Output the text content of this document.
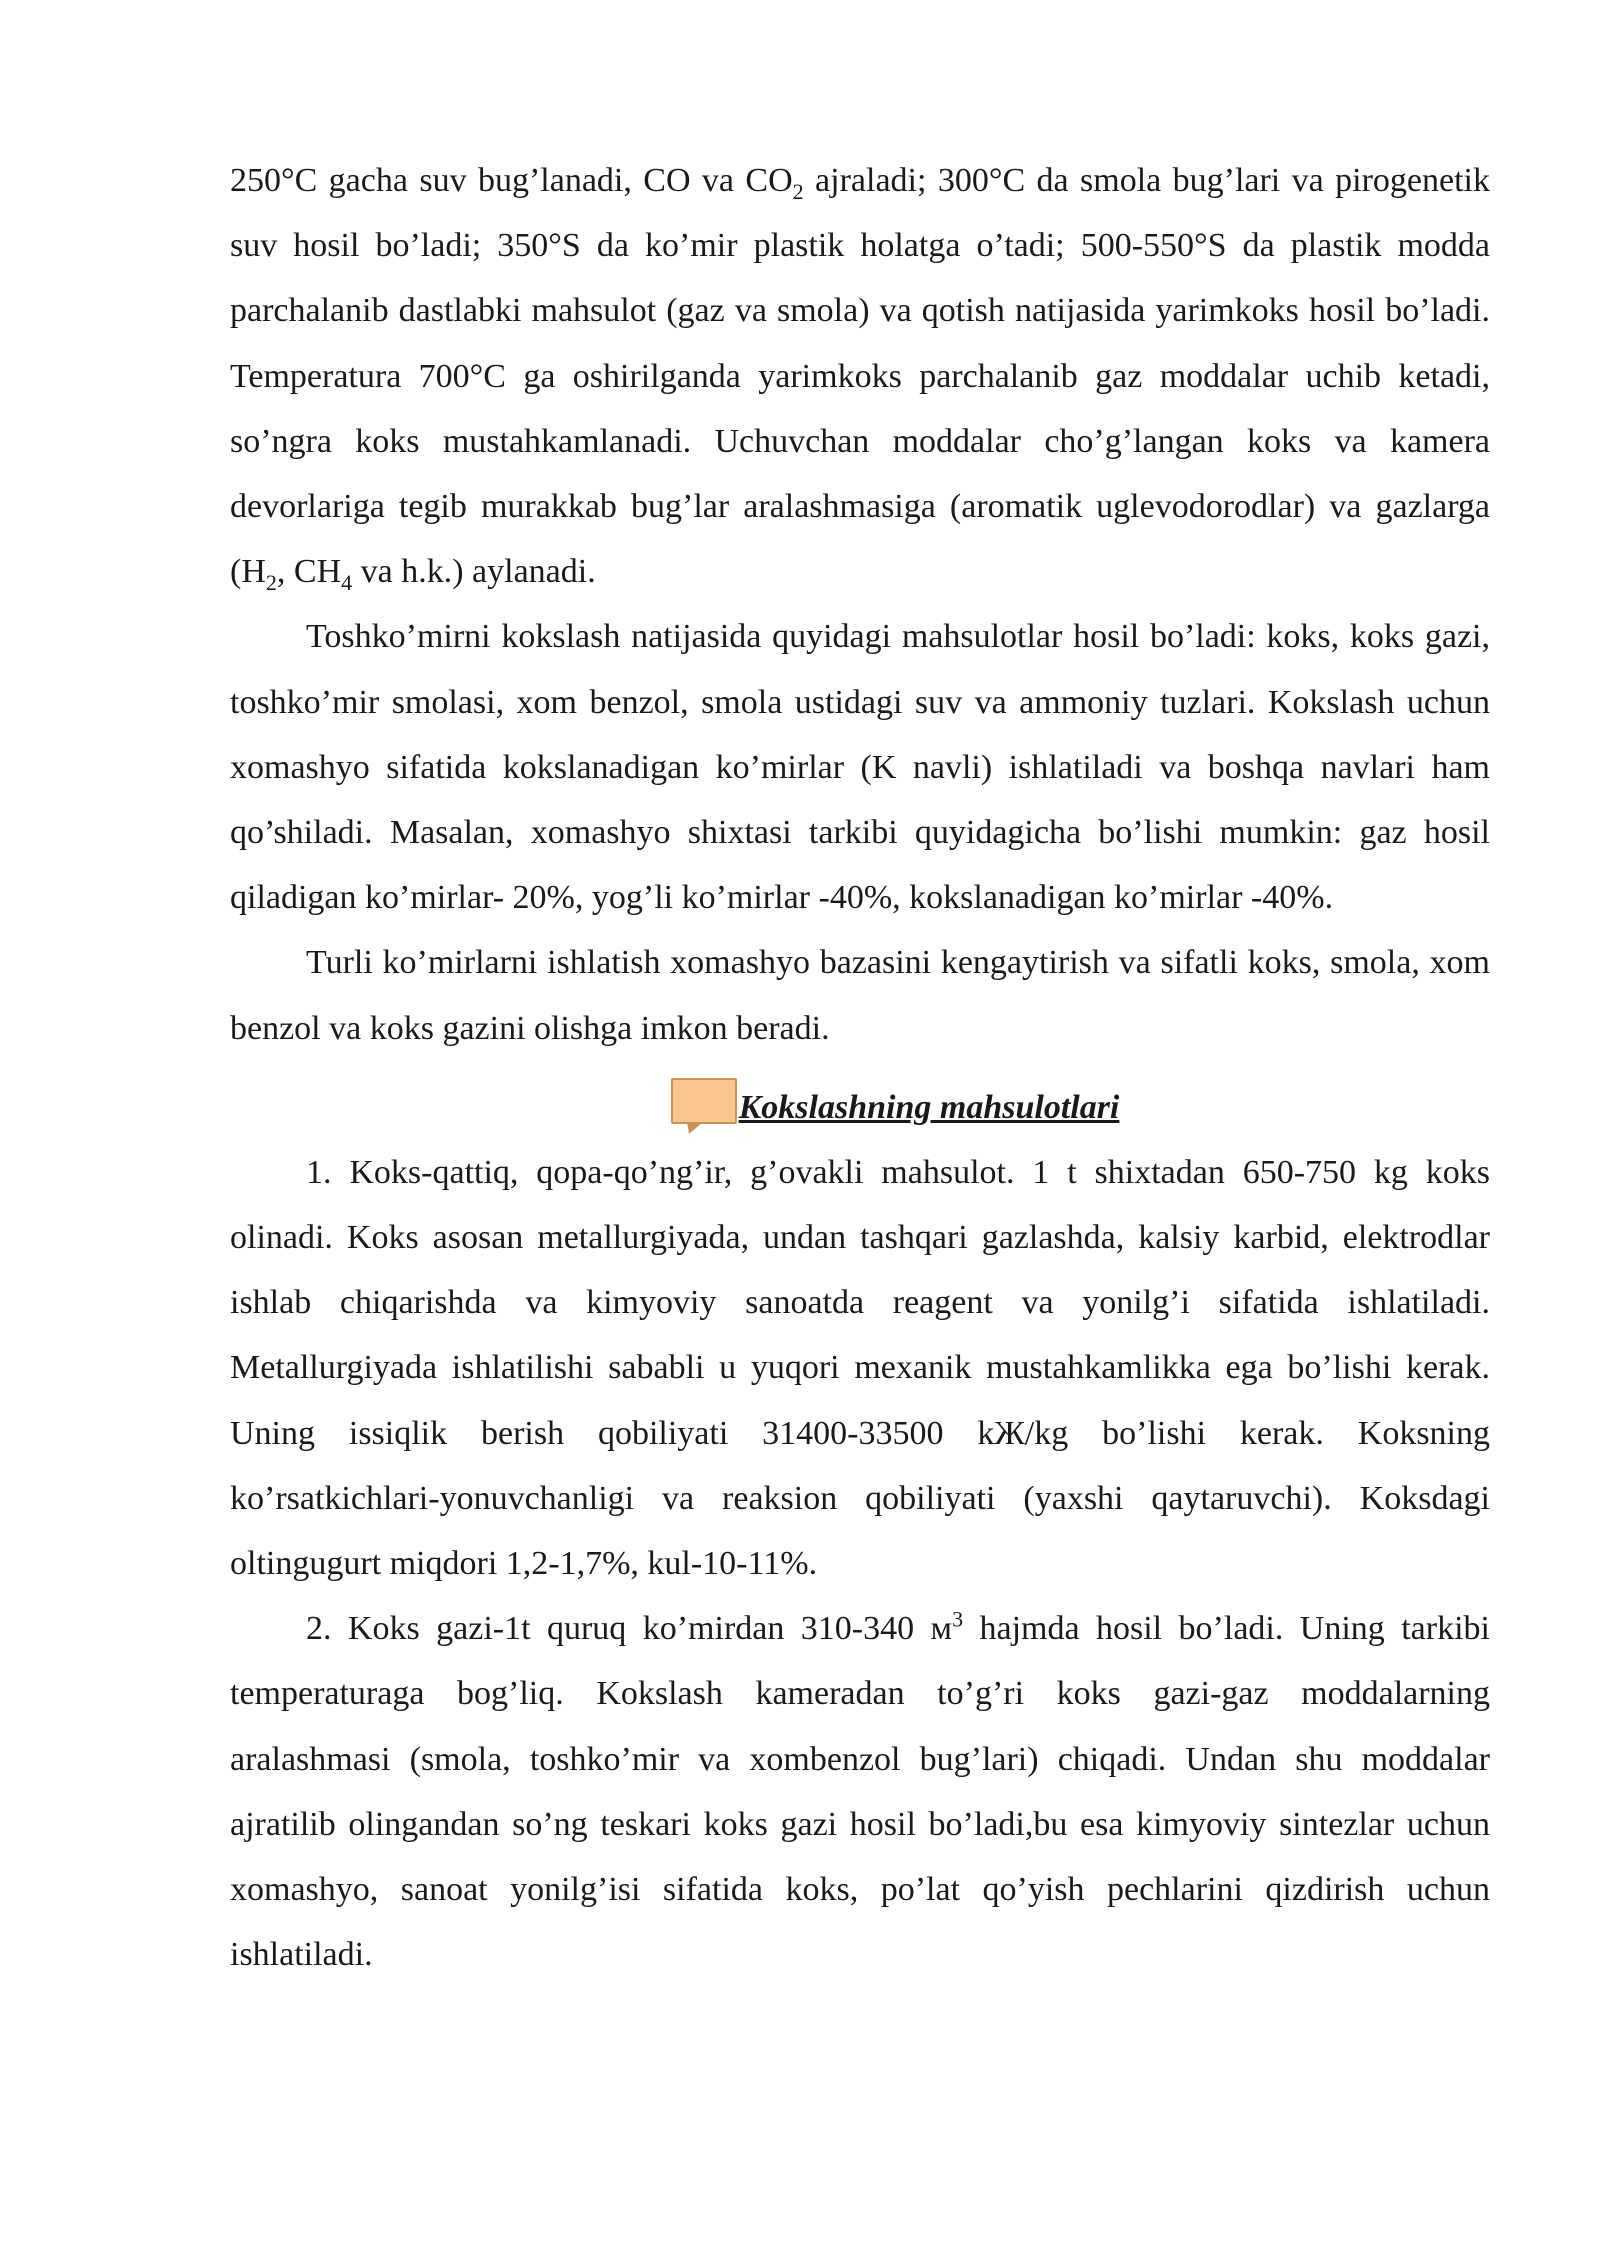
250°C gacha suv bug’lanadi, CO va $CO_2$ ajraladi; 300°C da smola bug’lari va pirogenetik suv hosil bo’ladi; 350°S da ko’mir plastik holatga o’tadi; 500-550°S da plastik modda parchalanib dastlabki mahsulot (gaz va smola) va qotish natijasida yarimkoks hosil bo’ladi. Temperatura 700°C ga oshirilganda yarimkoks parchalanib gaz moddalar uchib ketadi, so’ngra koks mustahkamlanadi. Uchuvchan moddalar cho’g’langan koks va kamera devorlariga tegib murakkab bug’lar aralashmasiga (aromatik uglevodorodlar) va gazlarga ($H_2$, $CH_4$ va h.k.) aylanadi.

Toshko’mirni kokslash natijasida quyidagi mahsulotlar hosil bo’ladi: koks, koks gazi, toshko’mir smolasi, xom benzol, smola ustidagi suv va ammoniy tuzlari. Kokslash uchun xomashyo sifatida kokslanadigan ko’mirlar (K navli) ishlatiladi va boshqa navlari ham qo’shiladi. Masalan, xomashyo shixtasi tarkibi quyidagicha bo’lishi mumkin: gaz hosil qiladigan ko’mirlar- 20%, yog’li ko’mirlar -40%, kokslanadigan ko’mirlar -40%.

Turli ko’mirlarni ishlatish xomashyo bazasini kengaytirish va sifatli koks, smola, xom benzol va koks gazini olishga imkon beradi.

Kokslashning mahsulotlari

1. Koks-qattiq, qopa-qo’ng’ir, g’ovakli mahsulot. 1 t shixtadan 650-750 kg koks olinadi. Koks asosan metallurgiyada, undan tashqari gazlashda, kalsiy karbid, elektrodlar ishlab chiqarishda va kimyoviy sanoatda reagent va yonilg’i sifatida ishlatiladi. Metallurgiyada ishlatilishi sababli u yuqori mexanik mustahkamlikka ega bo’lishi kerak. Uning issiqlik berish qobiliyati 31400-33500 kЖ/kg bo’lishi kerak. Koksning ko’rsatkichlari-yonuvchanligi va reaksion qobiliyati (yaxshi qaytaruvchi). Koksdagi oltingugurt miqdori 1,2-1,7%, kul-10-11%.

2. Koks gazi-1t quruq ko’mirdan 310-340 $м^3$ hajmda hosil bo’ladi. Uning tarkibi temperaturaga bog’liq. Kokslash kameradan to’g’ri koks gazi-gaz moddalarning aralashmasi (smola, toshko’mir va xombenzol bug’lari) chiqadi. Undan shu moddalar ajratilib olingandan so’ng teskari koks gazi hosil bo’ladi,bu esa kimyoviy sintezlar uchun xomashyo, sanoat yonilg’isi sifatida koks, po’lat qo’yish pechlarini qizdirish uchun ishlatiladi.
